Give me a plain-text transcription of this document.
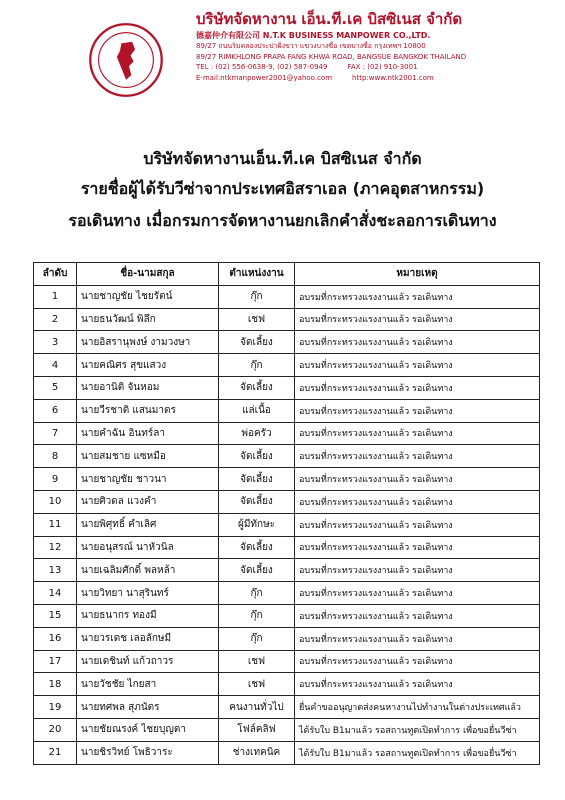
บริษัทจัดหางาน เอ็น.ที.เค บิสซิเนส จำกัด
德嘉仲介有限公司 N.T.K BUSINESS MANPOWER CO.,LTD.
89/27 ถนนริมคลองประปาฝั่งขวา แขวงบางซื่อ เขตบางซื่อ กรุงเทพฯ 10800
89/27 RIMKHLONG PRAPA FANG KHWA ROAD, BANGSUE BANGKOK THAILAND
TEL : (02) 556-0638-9, (02) 587-0949	FAX : (02) 910-3001
E-mail:ntkmanpower2001@yahoo.com	http:www.ntk2001.com
บริษัทจัดหางานเอ็น.ที.เค บิสซิเนส จำกัด
รายชื่อผู้ได้รับวีซ่าจากประเทศอิสราเอล (ภาคอุตสาหกรรม)
รอเดินทาง เมื่อกรมการจัดหางานยกเลิกคำสั่งชะลอการเดินทาง
ลำดับ	ชื่อ-นามสกุล	ตำแหน่งงาน	หมายเหตุ
1	นายชาญชัย ไชยรัตน์	กุ๊ก	อบรมที่กระทรวงแรงงานแล้ว รอเดินทาง
2	นายธนวัฒน์ พิลึก	เชฟ	อบรมที่กระทรวงแรงงานแล้ว รอเดินทาง
3	นายอิสรานุพงษ์ งามวงษา	จัดเลี้ยง	อบรมที่กระทรวงแรงงานแล้ว รอเดินทาง
4	นายคณิศร สุขแสวง	กุ๊ก	อบรมที่กระทรวงแรงงานแล้ว รอเดินทาง
5	นายอานิติ จันหอม	จัดเลี้ยง	อบรมที่กระทรวงแรงงานแล้ว รอเดินทาง
6	นายวีรชาติ แสนมาตร	แล่เนื้อ	อบรมที่กระทรวงแรงงานแล้ว รอเดินทาง
7	นายคำฉัน อินทร์ลา	พ่อครัว	อบรมที่กระทรวงแรงงานแล้ว รอเดินทาง
8	นายสมชาย แซหมือ	จัดเลี้ยง	อบรมที่กระทรวงแรงงานแล้ว รอเดินทาง
9	นายชาญชัย ชาวนา	จัดเลี้ยง	อบรมที่กระทรวงแรงงานแล้ว รอเดินทาง
10	นายศิวดล แวงคำ	จัดเลี้ยง	อบรมที่กระทรวงแรงงานแล้ว รอเดินทาง
11	นายพิศุทธิ์ คำเลิศ	ผู้มีทักษะ	อบรมที่กระทรวงแรงงานแล้ว รอเดินทาง
12	นายอนุสรณ์ นาหัวนิล	จัดเลี้ยง	อบรมที่กระทรวงแรงงานแล้ว รอเดินทาง
13	นายเฉลิมศักดิ์ พลหล้า	จัดเลี้ยง	อบรมที่กระทรวงแรงงานแล้ว รอเดินทาง
14	นายวิทยา นาสุรินทร์	กุ๊ก	อบรมที่กระทรวงแรงงานแล้ว รอเดินทาง
15	นายธนากร ทองมี	กุ๊ก	อบรมที่กระทรวงแรงงานแล้ว รอเดินทาง
16	นายวรเดช เลอลักษมี	กุ๊ก	อบรมที่กระทรวงแรงงานแล้ว รอเดินทาง
17	นายเดชินท์ แก้วถาวร	เชฟ	อบรมที่กระทรวงแรงงานแล้ว รอเดินทาง
18	นายวัชชัย ไกยสา	เชฟ	อบรมที่กระทรวงแรงงานแล้ว รอเดินทาง
19	นายทศพล สุภนัตร	คนงานทั่วไป	ยื่นคำขออนุญาตส่งคนหางานไปทำงานในต่างประเทศแล้ว
20	นายชัยณรงค์ ไชยบุญตา	โฟล์คลิฟ	ได้รับใบ B1มาแล้ว รอสถานทูตเปิดทำการ เพื่อขอยื่นวีซ่า
21	นายชิรวิทย์ โพธิวาระ	ช่างเทคนิค	ได้รับใบ B1มาแล้ว รอสถานทูตเปิดทำการ เพื่อขอยื่นวีซ่า
